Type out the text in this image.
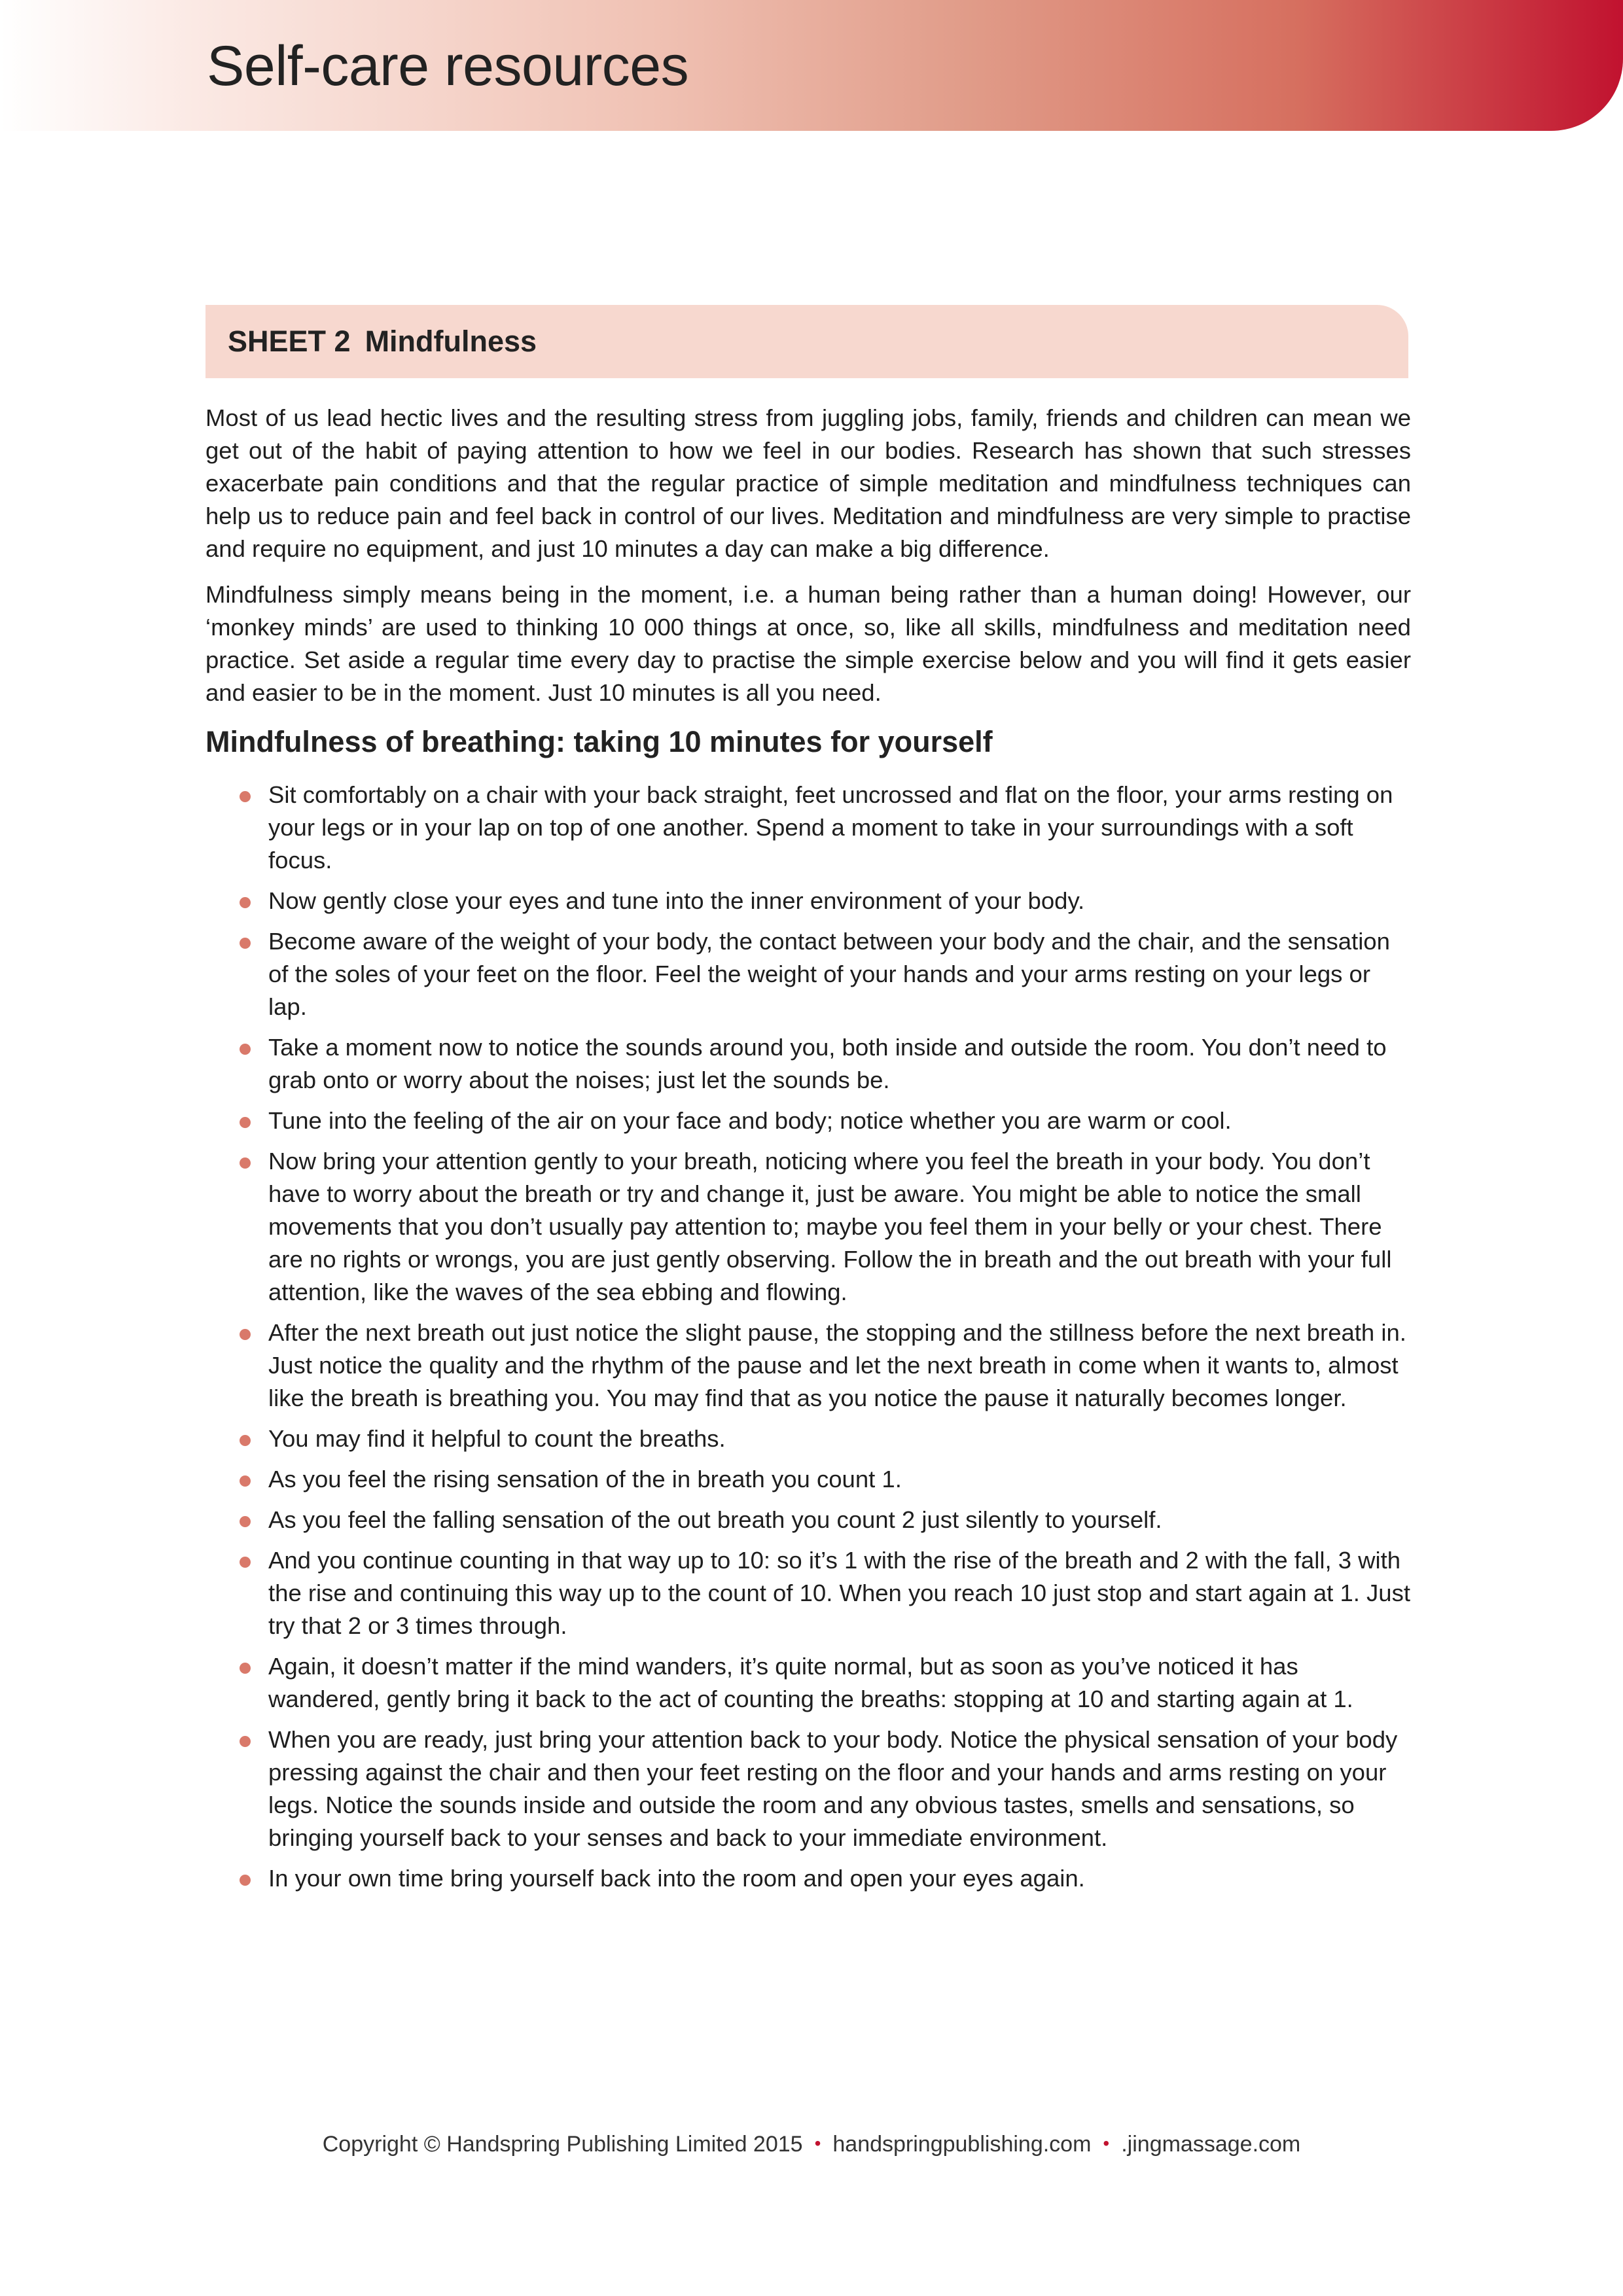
Self-care resources
SHEET 2 Mindfulness

Most of us lead hectic lives and the resulting stress from juggling jobs, family, friends and children can mean we get out of the habit of paying attention to how we feel in our bodies. Research has shown that such stresses exacerbate pain conditions and that the regular practice of simple meditation and mindfulness techniques can help us to reduce pain and feel back in control of our lives. Meditation and mindfulness are very simple to practise and require no equipment, and just 10 minutes a day can make a big difference.

Mindfulness simply means being in the moment, i.e. a human being rather than a human doing! However, our ‘monkey minds’ are used to thinking 10 000 things at once, so, like all skills, mindfulness and meditation need practice. Set aside a regular time every day to practise the simple exercise below and you will find it gets easier and easier to be in the moment. Just 10 minutes is all you need.

Mindfulness of breathing: taking 10 minutes for yourself
Sit comfortably on a chair with your back straight, feet uncrossed and flat on the floor, your arms resting on your legs or in your lap on top of one another. Spend a moment to take in your surroundings with a soft focus.
Now gently close your eyes and tune into the inner environment of your body.
Become aware of the weight of your body, the contact between your body and the chair, and the sensation of the soles of your feet on the floor. Feel the weight of your hands and your arms resting on your legs or lap.
Take a moment now to notice the sounds around you, both inside and outside the room. You don’t need to grab onto or worry about the noises; just let the sounds be.
Tune into the feeling of the air on your face and body; notice whether you are warm or cool.
Now bring your attention gently to your breath, noticing where you feel the breath in your body. You don’t have to worry about the breath or try and change it, just be aware. You might be able to notice the small movements that you don’t usually pay attention to; maybe you feel them in your belly or your chest. There are no rights or wrongs, you are just gently observing. Follow the in breath and the out breath with your full attention, like the waves of the sea ebbing and flowing.
After the next breath out just notice the slight pause, the stopping and the stillness before the next breath in. Just notice the quality and the rhythm of the pause and let the next breath in come when it wants to, almost like the breath is breathing you. You may find that as you notice the pause it naturally becomes longer.
You may find it helpful to count the breaths.
As you feel the rising sensation of the in breath you count 1.
As you feel the falling sensation of the out breath you count 2 just silently to yourself.
And you continue counting in that way up to 10: so it’s 1 with the rise of the breath and 2 with the fall, 3 with the rise and continuing this way up to the count of 10. When you reach 10 just stop and start again at 1. Just try that 2 or 3 times through.
Again, it doesn’t matter if the mind wanders, it’s quite normal, but as soon as you’ve noticed it has wandered, gently bring it back to the act of counting the breaths: stopping at 10 and starting again at 1.
When you are ready, just bring your attention back to your body. Notice the physical sensation of your body pressing against the chair and then your feet resting on the floor and your hands and arms resting on your legs. Notice the sounds inside and outside the room and any obvious tastes, smells and sensations, so bringing yourself back to your senses and back to your immediate environment.
In your own time bring yourself back into the room and open your eyes again.
Copyright © Handspring Publishing Limited 2015 • handspringpublishing.com • .jingmassage.com
